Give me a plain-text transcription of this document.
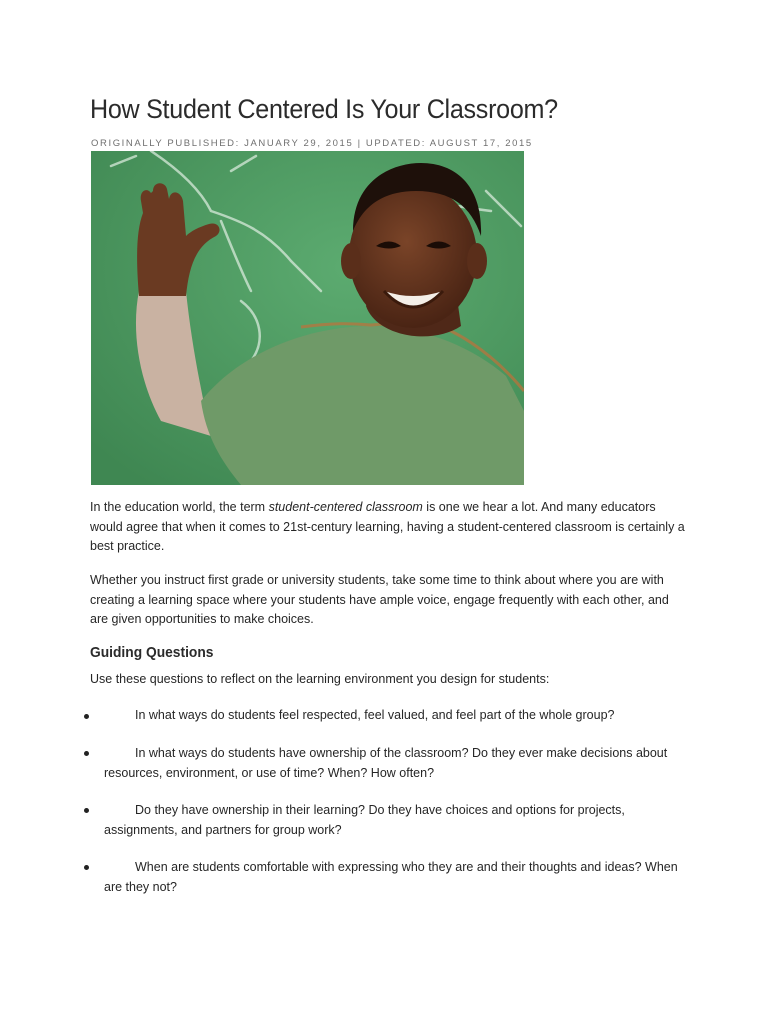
How Student Centered Is Your Classroom?
ORIGINALLY PUBLISHED: JANUARY 29, 2015 | UPDATED: AUGUST 17, 2015

In the education world, the term student-centered classroom is one we hear a lot. And many educators would agree that when it comes to 21st-century learning, having a student-centered classroom is certainly a best practice.

Whether you instruct first grade or university students, take some time to think about where you are with creating a learning space where your students have ample voice, engage frequently with each other, and are given opportunities to make choices.

Guiding Questions

Use these questions to reflect on the learning environment you design for students:

In what ways do students feel respected, feel valued, and feel part of the whole group?
In what ways do students have ownership of the classroom? Do they ever make decisions about resources, environment, or use of time? When? How often?
Do they have ownership in their learning? Do they have choices and options for projects, assignments, and partners for group work?
When are students comfortable with expressing who they are and their thoughts and ideas? When are they not?
